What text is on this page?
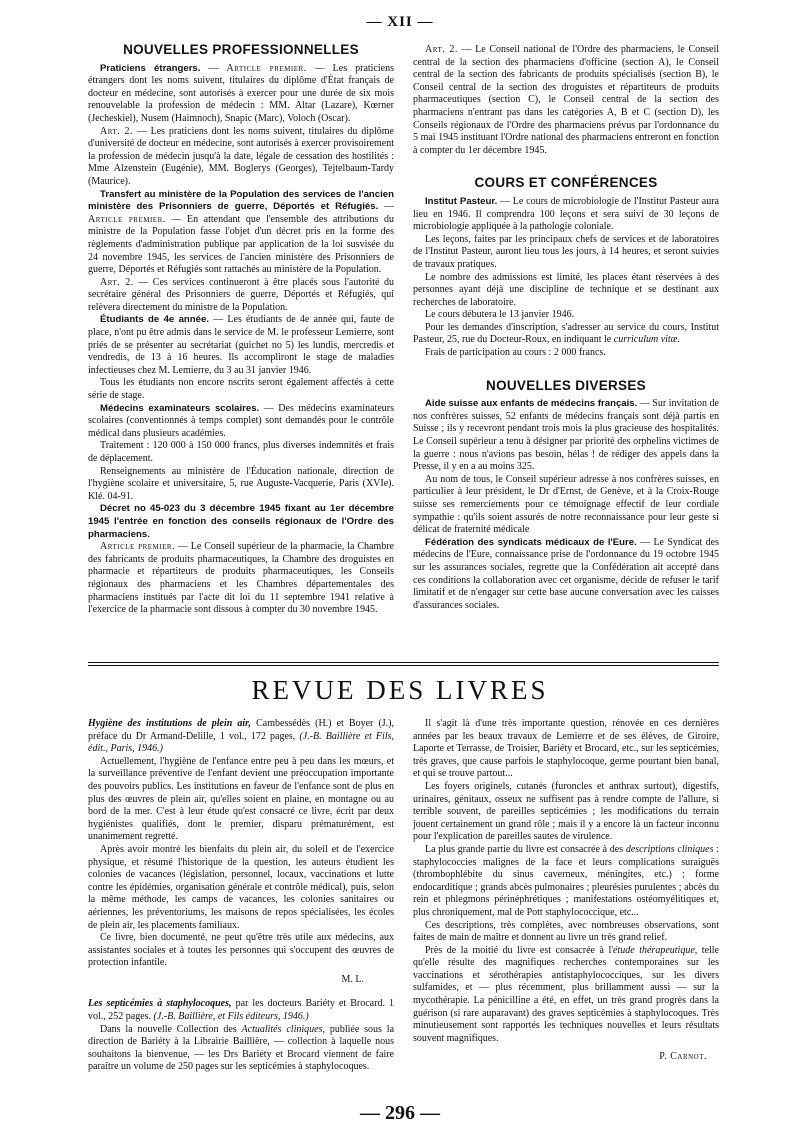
— XII —
NOUVELLES PROFESSIONNELLES

Praticiens étrangers. — Article premier. — Les praticiens étrangers dont les noms suivent, titulaires du diplôme d'État français de docteur en médecine, sont autorisés à exercer pour une durée de six mois renouvelable la profession de médecin : MM. Altar (Lazare), Kœrner (Jecheskiel), Nusem (Haimnoch), Snapic (Marc), Voloch (Oscar).

Art. 2. — Les praticiens dont les noms suivent, titulaires du diplôme d'université de docteur en médecine, sont autorisés à exercer provisoirement la profession de médecin jusqu'à la date, légale de cessation des hostilités : Mme Alzenstein (Eugénie), MM. Boglerys (Georges), Tejtelbaum-Tardy (Maurice).

Transfert au ministère de la Population des services de l'ancien ministère des Prisonniers de guerre, Déportés et Réfugiés. — Article premier. — En attendant que l'ensemble des attributions du ministre de la Population fasse l'objet d'un décret pris en la forme des règlements d'administration publique par application de la loi susvisée du 24 novembre 1945, les services de l'ancien ministère des Prisonniers de guerre, Déportés et Réfugiés sont rattachés au ministère de la Population.

Art. 2. — Ces services continueront à être placés sous l'autorité du secrétaire général des Prisonniers de guerre, Déportés et Réfugiés, qui relèvera directement du ministre de la Population.

Étudiants de 4e année. — Les étudiants de 4e année qui, faute de place, n'ont pu être admis dans le service de M. le professeur Lemierre, sont priés de se présenter au secrétariat (guichet no 5) les lundis, mercredis et vendredis, de 13 à 16 heures. Ils accompliront le stage de maladies infectieuses chez M. Lemierre, du 3 au 31 janvier 1946.

Tous les étudiants non encore nscrits seront également affectés à cette série de stage.

Médecins examinateurs scolaires. — Des médecins examinateurs scolaires (conventionnés à temps complet) sont demandés pour le contrôle médical dans plusieurs académies.

Traitement : 120 000 à 150 000 francs, plus diverses indemnités et frais de déplacement.

Renseignements au ministère de l'Éducation nationale, direction de l'hygiène scolaire et universitaire, 5, rue Auguste-Vacquerie, Paris (XVIe). Klé. 04-91.

Décret no 45-023 du 3 décembre 1945 fixant au 1er décembre 1945 l'entrée en fonction des conseils régionaux de l'Ordre des pharmaciens.

Article premier. — Le Conseil supérieur de la pharmacie, la Chambre des fabricants de produits pharmaceutiques, la Chambre des droguistes en pharmacie et répartiteurs de produits pharmaceutiques, les Conseils régionaux des pharmaciens et les Chambres départementales des pharmaciens institués par l'acte dit loi du 11 septembre 1941 relative à l'exercice de la pharmacie sont dissous à compter du 30 novembre 1945.

Art. 2. — Le Conseil national de l'Ordre des pharmaciens, le Conseil central de la section des pharmaciens d'officine (section A), le Conseil central de la section des fabricants de produits spécialisés (section B), le Conseil central de la section des droguistes et répartiteurs de produits pharmaceutiques (section C), le Conseil central de la section des pharmaciens n'entrant pas dans les catégories A, B et C (section D), les Conseils régionaux de l'Ordre des pharmaciens prévus par l'ordonnance du 5 mai 1945 instituant l'Ordre national des pharmaciens entreront en fonction à compter du 1er décembre 1945.

COURS ET CONFÉRENCES

Institut Pasteur. — Le cours de microbiologie de l'Institut Pasteur aura lieu en 1946. Il comprendra 100 leçons et sera suivi de 30 leçons de microbiologie appliquée à la pathologie coloniale.

Les leçons, faites par les principaux chefs de services et de laboratoires de l'Institut Pasteur, auront lieu tous les jours, à 14 heures, et seront suivies de travaux pratiques.

Le nombre des admissions est limité, les places étant réservées à des personnes ayant déjà une discipline de technique et se destinant aux recherches de laboratoire.

Le cours débutera le 13 janvier 1946.

Pour les demandes d'inscription, s'adresser au service du cours, Institut Pasteur, 25, rue du Docteur-Roux, en indiquant le curriculum vitæ.

Frais de participation au cours : 2 000 francs.

NOUVELLES DIVERSES

Aide suisse aux enfants de médecins français. — Sur invitation de nos confrères suisses, 52 enfants de médecins français sont déjà partis en Suisse ; ils y recevront pendant trois mois la plus gracieuse des hospitalités. Le Conseil supérieur a tenu à désigner par priorité des orphelins victimes de la guerre : nous n'avions pas besoin, hélas ! de rédiger des appels dans la Presse, il y en a au moins 325.

Au nom de tous, le Conseil supérieur adresse à nos confrères suisses, en particulier à leur président, le Dr d'Ernst, de Genève, et à la Croix-Rouge suisse ses remerciements pour ce témoignage effectif de leur cordiale sympathie : qu'ils soient assurés de notre reconnaissance pour leur geste si délicat de fraternité médicale

Fédération des syndicats médicaux de l'Eure. — Le Syndicat des médecins de l'Eure, connaissance prise de l'ordonnance du 19 octobre 1945 sur les assurances sociales, regrette que la Confédération ait accepté dans ces conditions la collaboration avec cet organisme, décide de refuser le tarif limitatif et de n'engager sur cette base aucune conversation avec les caisses d'assurances sociales.

REVUE DES LIVRES

Hygiène des institutions de plein air, Cambessédès (H.) et Boyer (J.), préface du Dr Armand-Delille, 1 vol., 172 pages, (J.-B. Baillière et Fils, édit., Paris, 1946.)

Actuellement, l'hygiène de l'enfance entre peu à peu dans les mœurs, et la surveillance préventive de l'enfant devient une préoccupation importante des pouvoirs publics. Les institutions en faveur de l'enfance sont de plus en plus des œuvres de plein air, qu'elles soient en plaine, en montagne ou au bord de la mer. C'est à leur étude qu'est consacré ce livre, écrit par deux hygiénistes qualifiés, dont le premier, disparu prématurément, est unanimement regretté.

Après avoir montré les bienfaits du plein air, du soleil et de l'exercice physique, et résumé l'historique de la question, les auteurs étudient les colonies de vacances (législation, personnel, locaux, vaccinations et lutte contre les épidémies, organisation générale et contrôle médical), puis, selon la même méthode, les camps de vacances, les colonies sanitaires ou aériennes, les préventoriums, les maisons de repos spécialisées, les écoles de plein air, les placements familiaux.

Ce livre, bien documenté, ne peut qu'être très utile aux médecins, aux assistantes sociales et à toutes les personnes qui s'occupent des œuvres de protection infantile.

M. L.

Les septicémies à staphylocoques, par les docteurs Bariéty et Brocard. 1 vol., 252 pages. (J.-B. Baillière, et Fils éditeurs, 1946.)

Dans la nouvelle Collection des Actualités cliniques, publiée sous la direction de Bariéty à la Librairie Baillière, — collection à laquelle nous souhaitons la bienvenue, — les Drs Bariéty et Brocard viennent de faire paraître un volume de 250 pages sur les septicémies à staphylocoques.

Il s'agit là d'une très importante question, rénovée en ces dernières années par les beaux travaux de Lemierre et de ses élèves, de Giroire, Laporte et Terrasse, de Troisier, Bariéty et Brocard, etc., sur les septicémies, très graves, que cause parfois le staphylocoque, germe pourtant bien banal, et qui se trouve partout...

Les foyers originels, cutanés (furoncles et anthrax surtout), digestifs, urinaires, génitaux, osseux ne suffisent pas à rendre compte de l'allure, si terrible souvent, de pareilles septicémies ; les modifications du terrain jouent certainement un grand rôle ; mais il y a encore là un facteur inconnu pour l'explication de pareilles sautes de virulence.

La plus grande partie du livre est consacrée à des descriptions cliniques : staphylococcies malignes de la face et leurs complications suraiguës (thrombophlébite du sinus caverneux, méningites, etc.) ; forme endocarditique ; grands abcès pulmonaires ; pleurésies purulentes ; abcès du rein et phlegmons périnéphrétiques ; manifestations ostéomyélitiques et, plus chroniquement, mal de Pott staphylococcique, etc...

Ces descriptions, très complètes, avec nombreuses observations, sont faites de main de maître et donnent au livre un très grand relief.

Près de la moitié du livre est consacrée à l'étude thérapeutique, telle qu'elle résulte des magnifiques recherches contemporaines sur les vaccinations et sérothérapies antistaphylococciques, sur les divers sulfamides, et — plus récemment, plus brillamment aussi — sur la mycothérapie. La pénicilline a été, en effet, un très grand progrès dans la guérison (si rare auparavant) des graves septicémies à staphylocoques. Très minutieusement sont rapportés les techniques nouvelles et leurs résultats souvent magnifiques.

P. Carnot.

— 296 —
